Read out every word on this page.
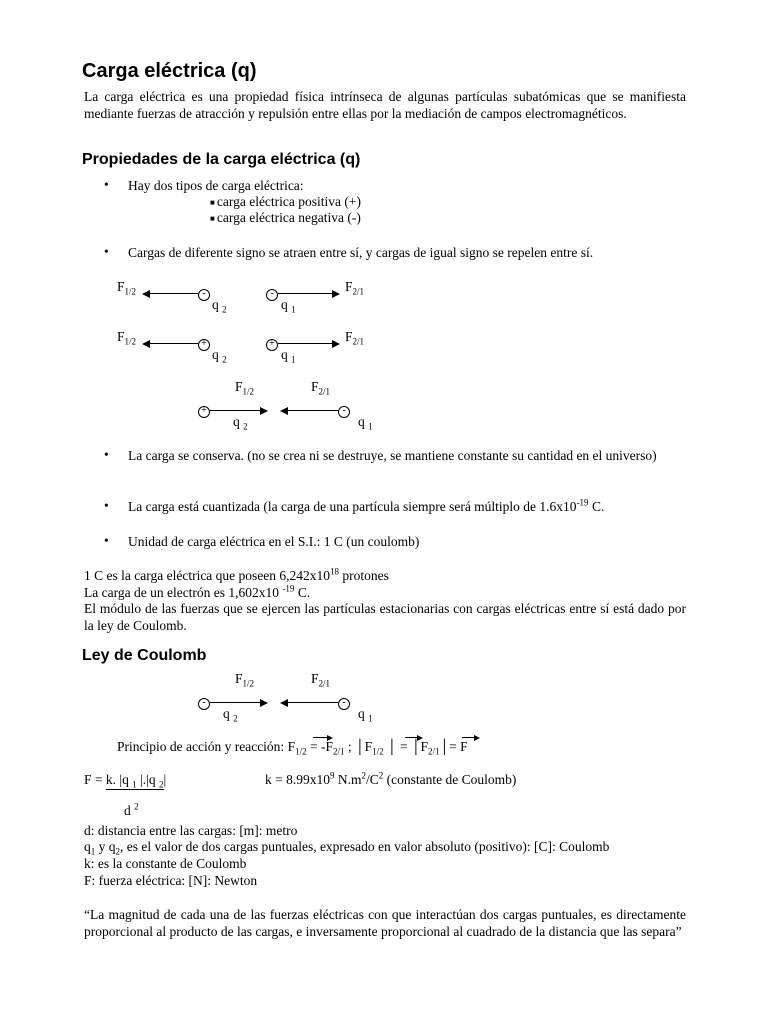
Carga eléctrica (q)
La carga eléctrica es una propiedad física intrínseca de algunas partículas subatómicas que se manifiesta mediante fuerzas de atracción y repulsión entre ellas por la mediación de campos electromagnéticos.
Propiedades de la carga eléctrica (q)
• Hay dos tipos de carga eléctrica:
■ carga eléctrica positiva (+)
■ carga eléctrica negativa (-)
• Cargas de diferente signo se atraen entre sí, y cargas de igual signo se repelen entre sí.
$F_{1/2}$	-
q $_2$
-
q $_1$
$F_{2/1}$
$F_{1/2}$	+
q $_2$
+
q $_1$
$F_{2/1}$
$F_{1/2}$	$F_{2/1}$
+	-
q $_2$	q $_1$
• La carga se conserva. (no se crea ni se destruye, se mantiene constante su cantidad en el universo)
• La carga está cuantizada (la carga de una partícula siempre será múltiplo de $1.6x10^{-19}$ C.
• Unidad de carga eléctrica en el S.I.: 1 C (un coulomb)
1 C es la carga eléctrica que poseen $6,242x10^{18}$ protones
La carga de un electrón es 1,602x10 $^{-19}$ C.
El módulo de las fuerzas que se ejercen las partículas estacionarias con cargas eléctricas entre sí está dado por la ley de Coulomb.
Ley de Coulomb
$F_{1/2}$	$F_{2/1}$
-	-
q $_2$	q $_1$
Principio de acción y reacción: $F_{1/2} = -F_{2/1}$ ; $│F_{1/2}$ │ = $│F_{2/1}│= F$
F = k. |q $_1$ |.|q $_2$|
d $^2$
$k = 8.99x10^9$ $N.m^2/C^2$ (constante de Coulomb)
d: distancia entre las cargas: [m]: metro
$q_1$ y $q_2$, es el valor de dos cargas puntuales, expresado en valor absoluto (positivo): [C]: Coulomb
k: es la constante de Coulomb
F: fuerza eléctrica: [N]: Newton
“La magnitud de cada una de las fuerzas eléctricas con que interactúan dos cargas puntuales, es directamente proporcional al producto de las cargas, e inversamente proporcional al cuadrado de la distancia que las separa”
